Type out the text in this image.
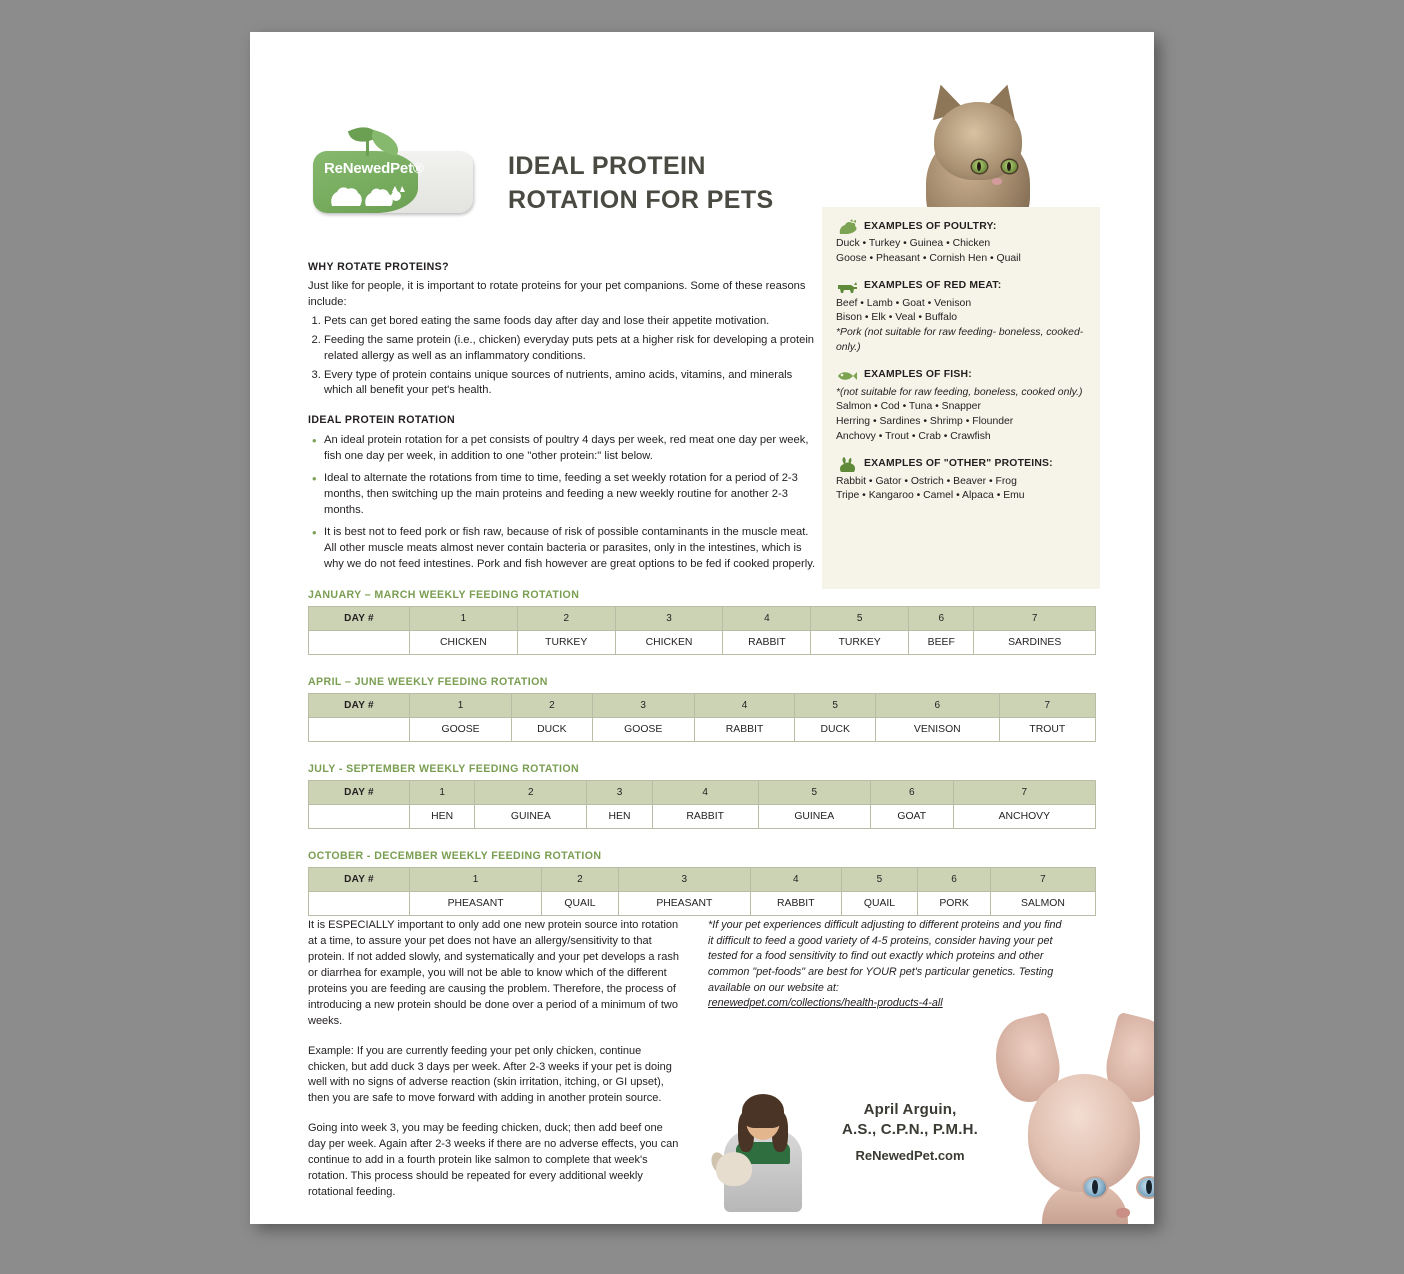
ReNewedPet®	IDEAL PROTEIN
ROTATION FOR PETS
WHY ROTATE PROTEINS?
Just like for people, it is important to rotate proteins for your pet companions. Some of these reasons include:
1. Pets can get bored eating the same foods day after day and lose their appetite motivation.
2. Feeding the same protein (i.e., chicken) everyday puts pets at a higher risk for developing a protein related allergy as well as an inflammatory conditions.
3. Every type of protein contains unique sources of nutrients, amino acids, vitamins, and minerals which all benefit your pet's health.
IDEAL PROTEIN ROTATION
• An ideal protein rotation for a pet consists of poultry 4 days per week, red meat one day per week, fish one day per week, in addition to one "other protein:" list below.
• Ideal to alternate the rotations from time to time, feeding a set weekly rotation for a period of 2-3 months, then switching up the main proteins and feeding a new weekly routine for another 2-3 months.
• It is best not to feed pork or fish raw, because of risk of possible contaminants in the muscle meat. All other muscle meats almost never contain bacteria or parasites, only in the intestines, which is why we do not feed intestines. Pork and fish however are great options to be fed if cooked properly.
EXAMPLES OF POULTRY:
Duck • Turkey • Guinea • Chicken
Goose • Pheasant • Cornish Hen • Quail
EXAMPLES OF RED MEAT:
Beef • Lamb • Goat • Venison
Bison • Elk • Veal • Buffalo
*Pork (not suitable for raw feeding- boneless, cooked-only.)
EXAMPLES OF FISH:
*(not suitable for raw feeding, boneless, cooked only.)
Salmon • Cod • Tuna • Snapper
Herring • Sardines • Shrimp • Flounder
Anchovy • Trout • Crab • Crawfish
EXAMPLES OF "OTHER" PROTEINS:
Rabbit • Gator • Ostrich • Beaver • Frog
Tripe • Kangaroo • Camel • Alpaca • Emu
JANUARY – MARCH WEEKLY FEEDING ROTATION
DAY #	1	2	3	4	5	6	7
	CHICKEN	TURKEY	CHICKEN	RABBIT	TURKEY	BEEF	SARDINES
APRIL – JUNE WEEKLY FEEDING ROTATION
DAY #	1	2	3	4	5	6	7
	GOOSE	DUCK	GOOSE	RABBIT	DUCK	VENISON	TROUT
JULY - SEPTEMBER WEEKLY FEEDING ROTATION
DAY #	1	2	3	4	5	6	7
	HEN	GUINEA	HEN	RABBIT	GUINEA	GOAT	ANCHOVY
OCTOBER - DECEMBER WEEKLY FEEDING ROTATION
DAY #	1	2	3	4	5	6	7
	PHEASANT	QUAIL	PHEASANT	RABBIT	QUAIL	PORK	SALMON

It is ESPECIALLY important to only add one new protein source into rotation at a time, to assure your pet does not have an allergy/sensitivity to that protein. If not added slowly, and systematically and your pet develops a rash or diarrhea for example, you will not be able to know which of the different proteins you are feeding are causing the problem. Therefore, the process of introducing a new protein should be done over a period of a minimum of two weeks.

Example: If you are currently feeding your pet only chicken, continue chicken, but add duck 3 days per week. After 2-3 weeks if your pet is doing well with no signs of adverse reaction (skin irritation, itching, or GI upset), then you are safe to move forward with adding in another protein source.

Going into week 3, you may be feeding chicken, duck; then add beef one day per week. Again after 2-3 weeks if there are no adverse effects, you can continue to add in a fourth protein like salmon to complete that week's rotation. This process should be repeated for every additional weekly rotational feeding.

*If your pet experiences difficult adjusting to different proteins and you find it difficult to feed a good variety of 4-5 proteins, consider having your pet tested for a food sensitivity to find out exactly which proteins and other common "pet-foods" are best for YOUR pet's particular genetics. Testing available on our website at:
renewedpet.com/collections/health-products-4-all
April Arguin,
A.S., C.P.N., P.M.H.
ReNewedPet.com
